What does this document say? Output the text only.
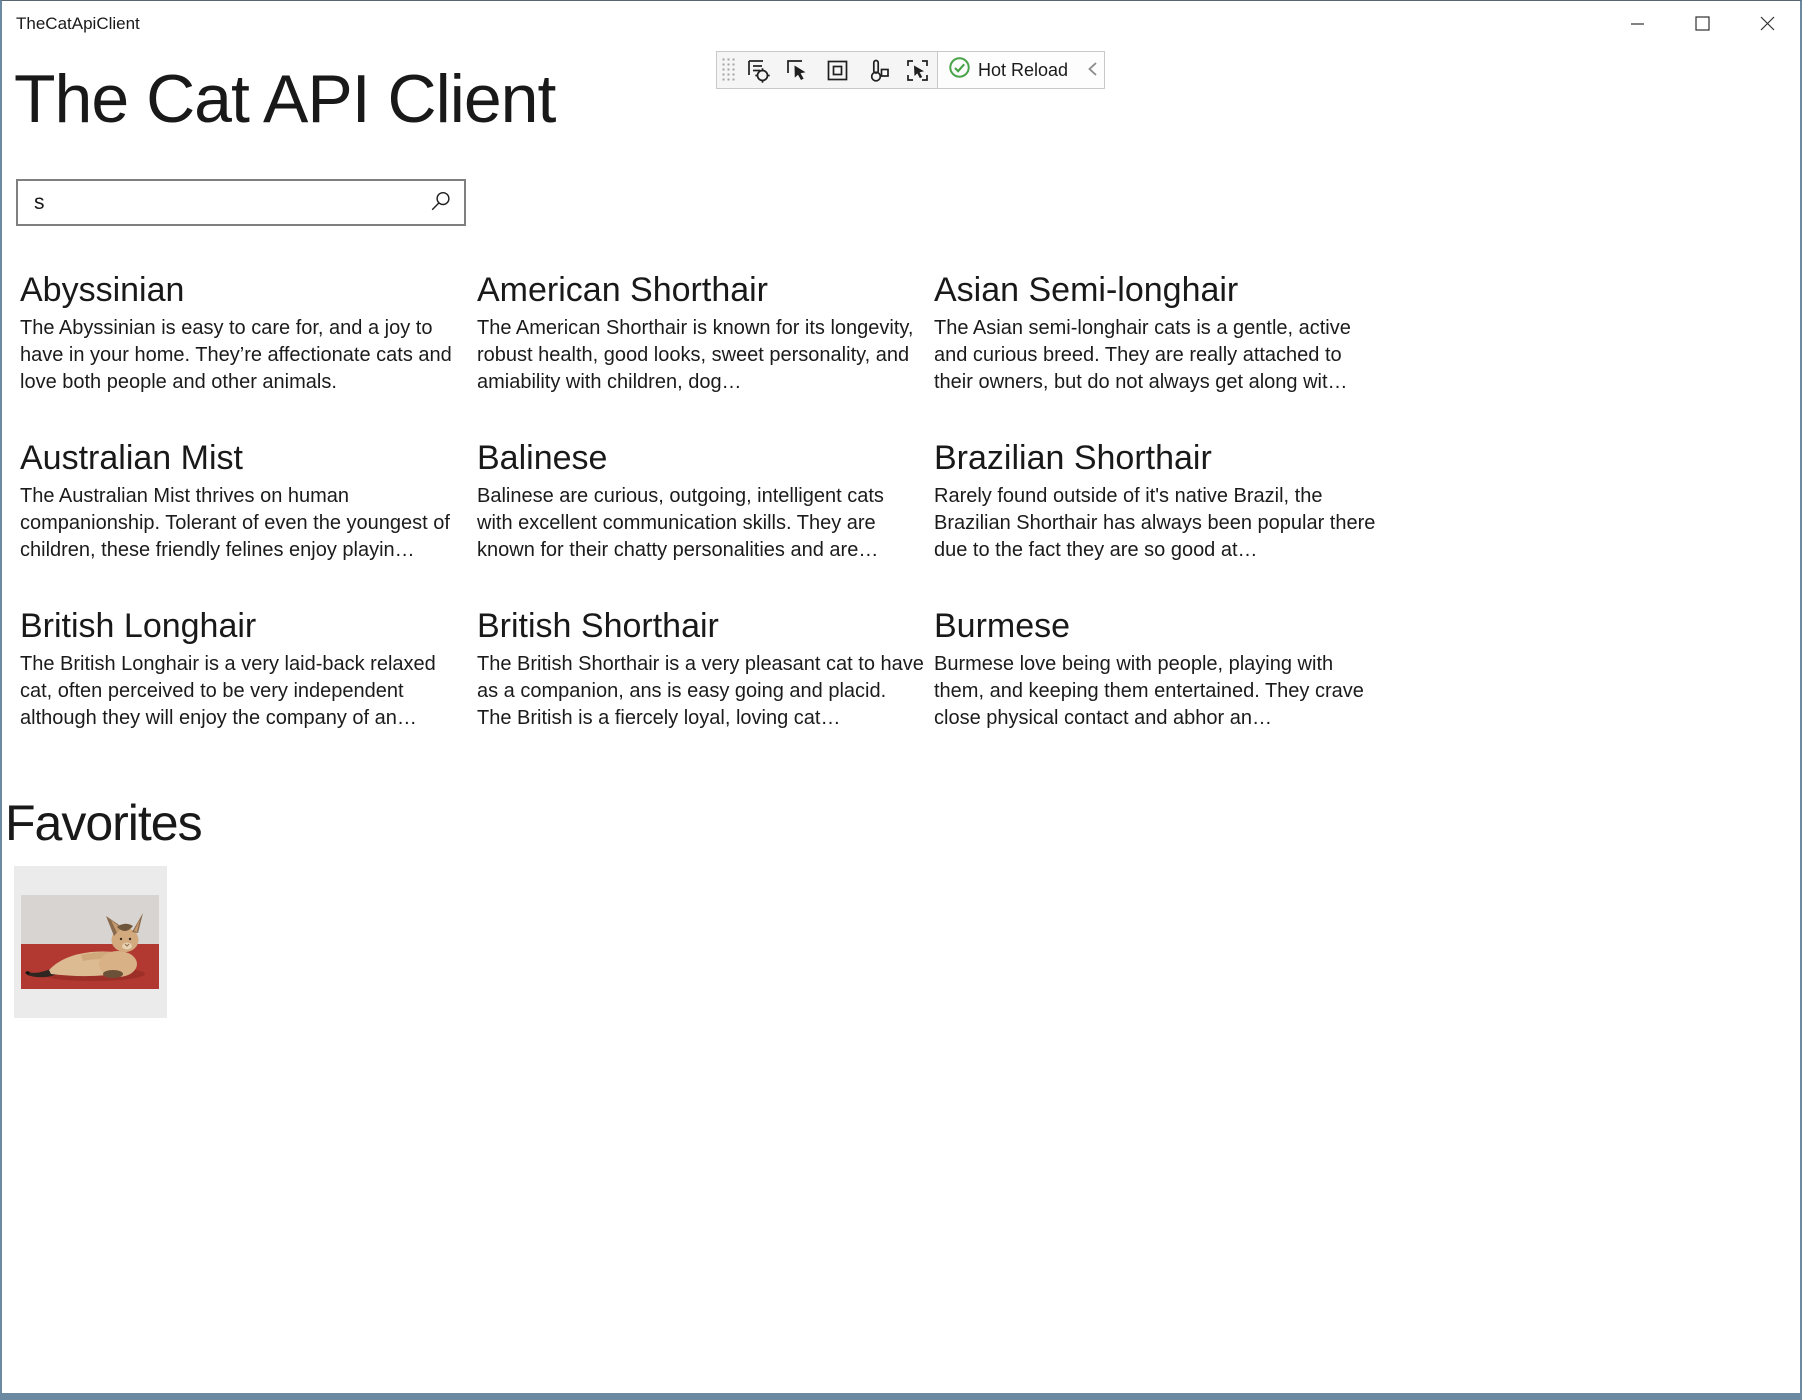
TheCatApiClient
Hot Reload
The Cat API Client
s
Abyssinian
The Abyssinian is easy to care for, and a joy to have in your home. They’re affectionate cats and love both people and other animals.
American Shorthair
The American Shorthair is known for its longevity, robust health, good looks, sweet personality, and amiability with children, dog…
Asian Semi-longhair
The Asian semi-longhair cats is a gentle, active and curious breed. They are really attached to their owners, but do not always get along wit…
Australian Mist
The Australian Mist thrives on human companionship. Tolerant of even the youngest of children, these friendly felines enjoy playin…
Balinese
Balinese are curious, outgoing, intelligent cats with excellent communication skills. They are known for their chatty personalities and are…
Brazilian Shorthair
Rarely found outside of it's native Brazil, the Brazilian Shorthair has always been popular there due to the fact they are so good at…
British Longhair
The British Longhair is a very laid-back relaxed cat, often perceived to be very independent although they will enjoy the company of an…
British Shorthair
The British Shorthair is a very pleasant cat to have as a companion, ans is easy going and placid. The British is a fiercely loyal, loving cat…
Burmese
Burmese love being with people, playing with them, and keeping them entertained. They crave close physical contact and abhor an…
Favorites
